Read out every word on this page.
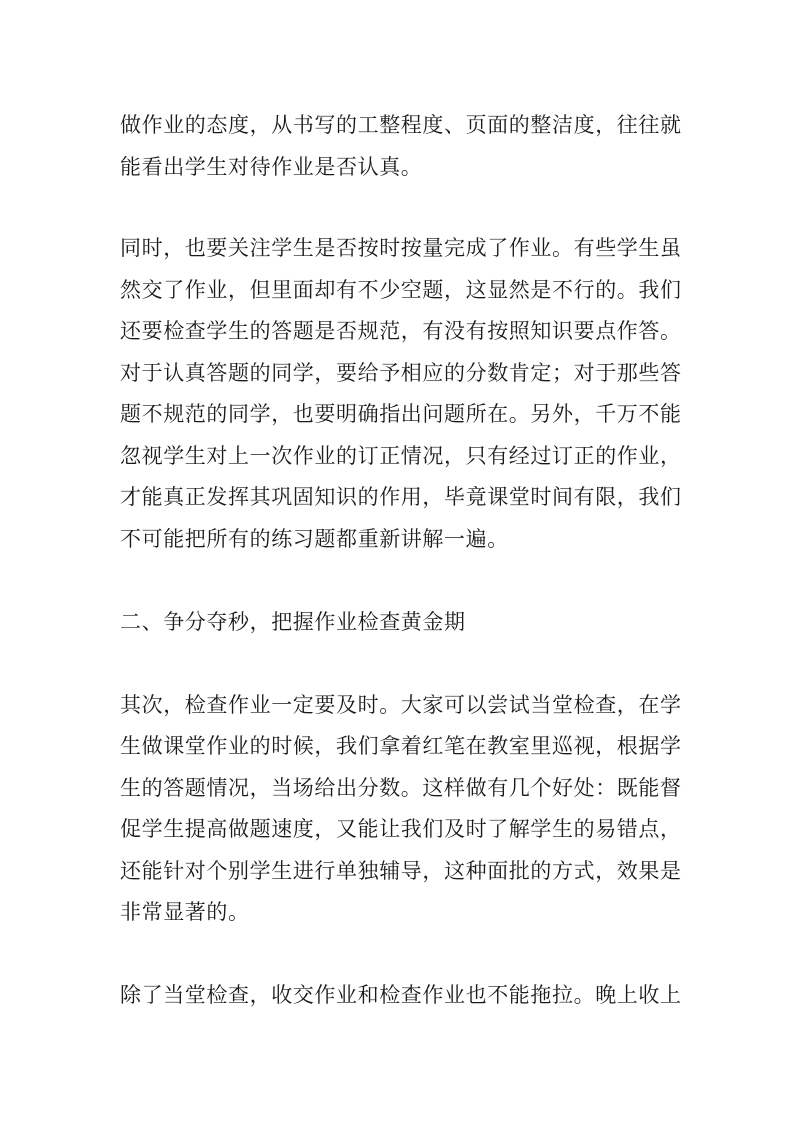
做作业的态度，从书写的工整程度、页面的整洁度，往往就
能看出学生对待作业是否认真。
同时，也要关注学生是否按时按量完成了作业。有些学生虽
然交了作业，但里面却有不少空题，这显然是不行的。我们
还要检查学生的答题是否规范，有没有按照知识要点作答。
对于认真答题的同学，要给予相应的分数肯定；对于那些答
题不规范的同学，也要明确指出问题所在。另外，千万不能
忽视学生对上一次作业的订正情况，只有经过订正的作业，
才能真正发挥其巩固知识的作用，毕竟课堂时间有限，我们
不可能把所有的练习题都重新讲解一遍。
二、争分夺秒，把握作业检查黄金期
其次，检查作业一定要及时。大家可以尝试当堂检查，在学
生做课堂作业的时候，我们拿着红笔在教室里巡视，根据学
生的答题情况，当场给出分数。这样做有几个好处：既能督
促学生提高做题速度，又能让我们及时了解学生的易错点，
还能针对个别学生进行单独辅导，这种面批的方式，效果是
非常显著的。
除了当堂检查，收交作业和检查作业也不能拖拉。晚上收上
